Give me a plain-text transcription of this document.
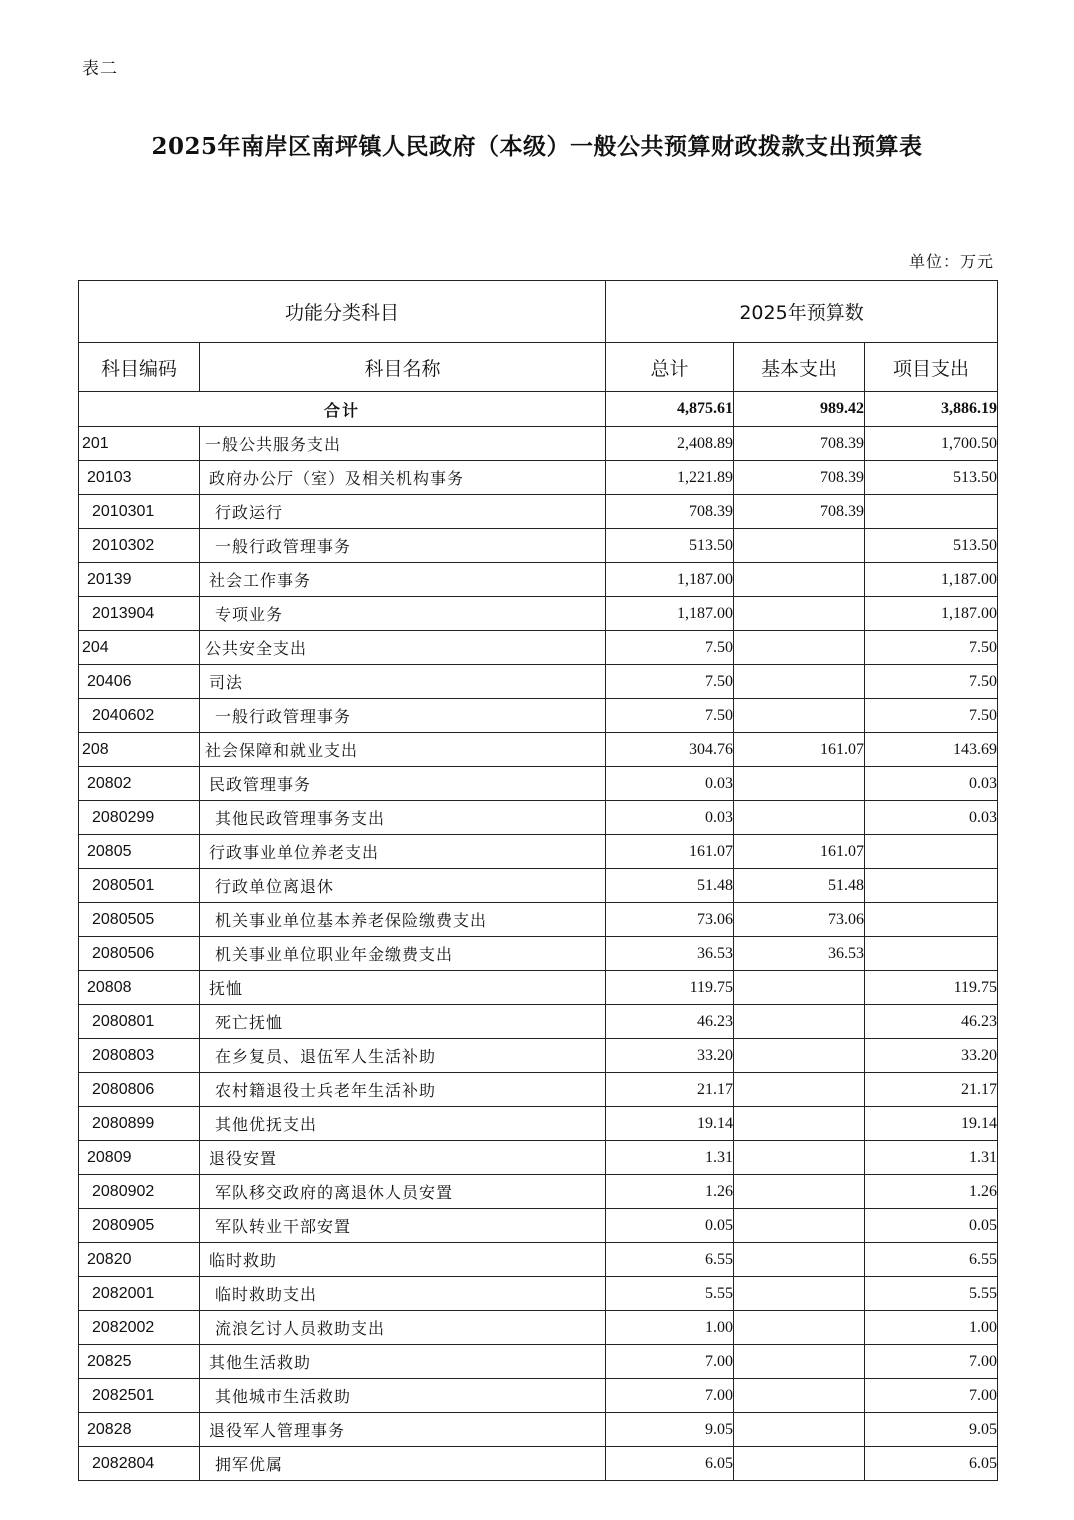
表二
2025年南岸区南坪镇人民政府（本级）一般公共预算财政拨款支出预算表
单位：万元
功能分类科目		2025年预算数		
科目编码	科目名称	总计	基本支出	项目支出
合计		4,875.61	989.42	3,886.19
201	一般公共服务支出	2,408.89	708.39	1,700.50
20103	政府办公厅（室）及相关机构事务	1,221.89	708.39	513.50
2010301	行政运行	708.39	708.39	
2010302	一般行政管理事务	513.50		513.50
20139	社会工作事务	1,187.00		1,187.00
2013904	专项业务	1,187.00		1,187.00
204	公共安全支出	7.50		7.50
20406	司法	7.50		7.50
2040602	一般行政管理事务	7.50		7.50
208	社会保障和就业支出	304.76	161.07	143.69
20802	民政管理事务	0.03		0.03
2080299	其他民政管理事务支出	0.03		0.03
20805	行政事业单位养老支出	161.07	161.07	
2080501	行政单位离退休	51.48	51.48	
2080505	机关事业单位基本养老保险缴费支出	73.06	73.06	
2080506	机关事业单位职业年金缴费支出	36.53	36.53	
20808	抚恤	119.75		119.75
2080801	死亡抚恤	46.23		46.23
2080803	在乡复员、退伍军人生活补助	33.20		33.20
2080806	农村籍退役士兵老年生活补助	21.17		21.17
2080899	其他优抚支出	19.14		19.14
20809	退役安置	1.31		1.31
2080902	军队移交政府的离退休人员安置	1.26		1.26
2080905	军队转业干部安置	0.05		0.05
20820	临时救助	6.55		6.55
2082001	临时救助支出	5.55		5.55
2082002	流浪乞讨人员救助支出	1.00		1.00
20825	其他生活救助	7.00		7.00
2082501	其他城市生活救助	7.00		7.00
20828	退役军人管理事务	9.05		9.05
2082804	拥军优属	6.05		6.05
